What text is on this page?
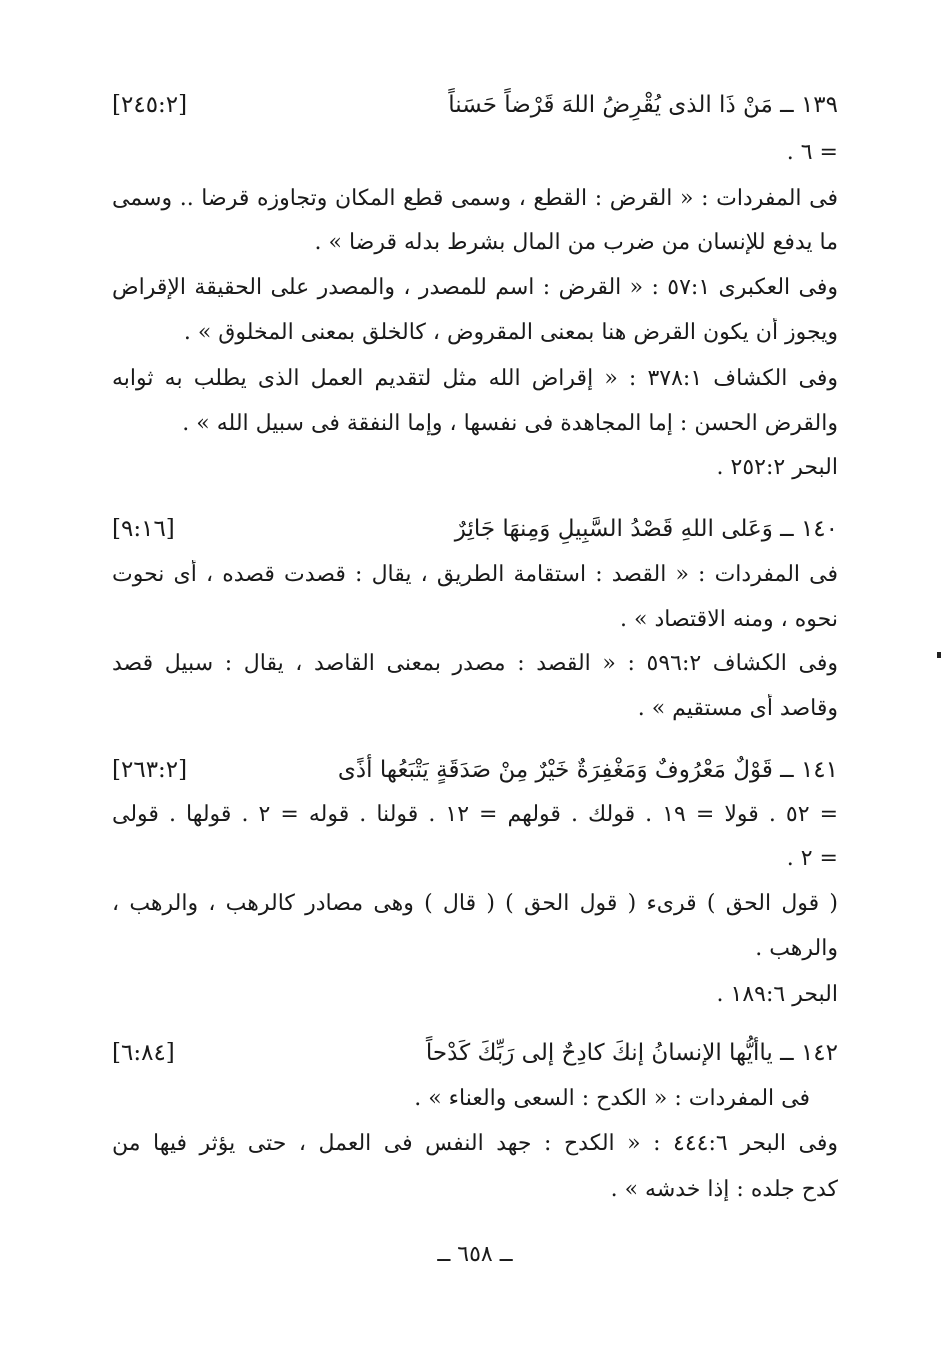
١٣٩ ــ مَنْ ذَا الذى يُقْرِضُ اللهَ قَرْضاً حَسَناً
[٢٤٥:٢]
= ٦ .
فى المفردات : « القرض : القطع ، وسمى قطع المكان وتجاوزه قرضا .. وسمى
ما يدفع للإنسان من ضرب من المال بشرط بدله قرضا » .
وفى العكبرى ٥٧:١ : « القرض : اسم للمصدر ، والمصدر على الحقيقة الإقراض
ويجوز أن يكون القرض هنا بمعنى المقروض ، كالخلق بمعنى المخلوق » .
وفى الكشاف ٣٧٨:١ : « إقراض الله مثل لتقديم العمل الذى يطلب به ثوابه
والقرض الحسن : إما المجاهدة فى نفسها ، وإما النفقة فى سبيل الله » .
البحر ٢٥٢:٢ .
١٤٠ ــ وَعَلى اللهِ قَصْدُ السَّبِيلِ وَمِنهَا جَائِرٌ
[٩:١٦]
فى المفردات : « القصد : استقامة الطريق ، يقال : قصدت قصده ، أى نحوت
نحوه ، ومنه الاقتصاد » .
وفى الكشاف ٥٩٦:٢ : « القصد : مصدر بمعنى القاصد ، يقال : سبيل قصد
وقاصد أى مستقيم » .
١٤١ ــ قَوْلٌ مَعْرُوفٌ وَمَغْفِرَةٌ خَيْرٌ مِنْ صَدَقَةٍ يَتْبَعُها أذًى
[٢٦٣:٢]
= ٥٢ . قولا = ١٩ . قولك . قولهم = ١٢ . قولنا . قوله = ٢ . قولها . قولى
= ٢ .
( قول الحق ) قرىء ( قول الحق ) ( قال ) وهى مصادر كالرهب ، والرهب ،
والرهب .
البحر ١٨٩:٦ .
١٤٢ ــ ياأيُّها الإنسانُ إنكَ كادِحٌ إلى رَبِّكَ كَدْحاً
[٦:٨٤]
فى المفردات : « الكدح : السعى والعناء » .
وفى البحر ٤٤٤:٦ : « الكدح : جهد النفس فى العمل ، حتى يؤثر فيها من
كدح جلده : إذا خدشه » .
ــ ٦٥٨ ــ
